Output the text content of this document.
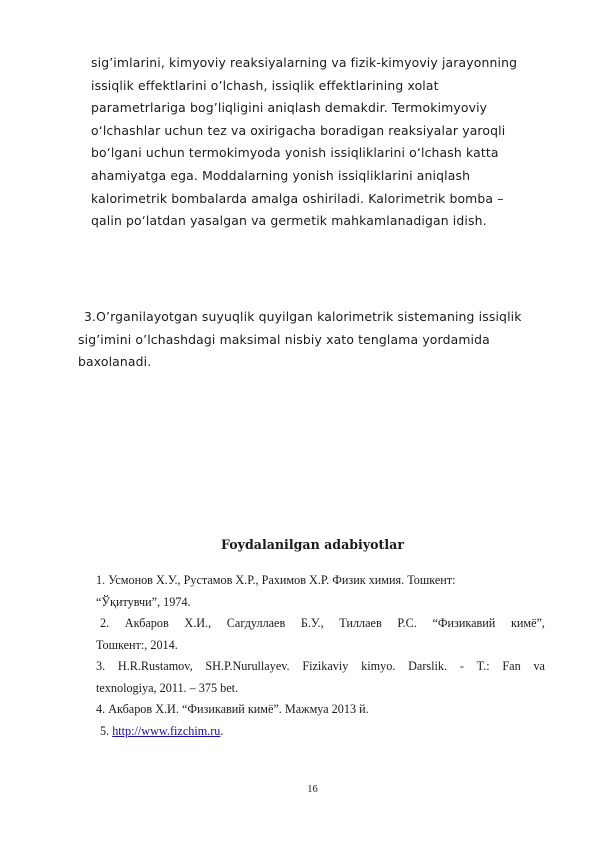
sig’imlarini, kimyoviy reaksiyalarning va fizik-kimyoviy jarayonning
issiqlik effektlarini o’lchash, issiqlik effektlarining xolat
parametrlariga bog’liqligini aniqlash demakdir. Termokimyoviy
o‘lchashlar uchun tez va oxirigacha boradigan reaksiyalar yaroqli
bo‘lgani uchun termokimyoda yonish issiqliklarini o‘lchash katta
ahamiyatga ega. Moddalarning yonish issiqliklarini aniqlash
kalorimetrik bombalarda amalga oshiriladi. Kalorimetrik bomba –
qalin po‘latdan yasalgan va germetik mahkamlanadigan idish.
3.O’rganilayotgan suyuqlik quyilgan kalorimetrik sistemaning issiqlik
sig’imini o’lchashdagi maksimal nisbiy xato tenglama yordamida
baxolanadi.
Foydalanilgan adabiyotlar
1. Усмонов Х.У., Рустамов Х.Р., Рахимов Х.Р. Физик химия. Тошкент:
“Ўқитувчи”, 1974.
2. Акбаров Х.И., Сагдуллаев Б.У., Тиллаев Р.С. “Физикавий кимё”,
Тошкент:, 2014.
3. H.R.Rustamov, SH.P.Nurullayev. Fizikaviy kimyo. Darslik. - T.: Fan va
texnologiya, 2011. – 375 bet.
4. Акбаров Х.И. “Физикавий кимё”. Мажмуа 2013 й.
5. http://www.fizchim.ru.
16
